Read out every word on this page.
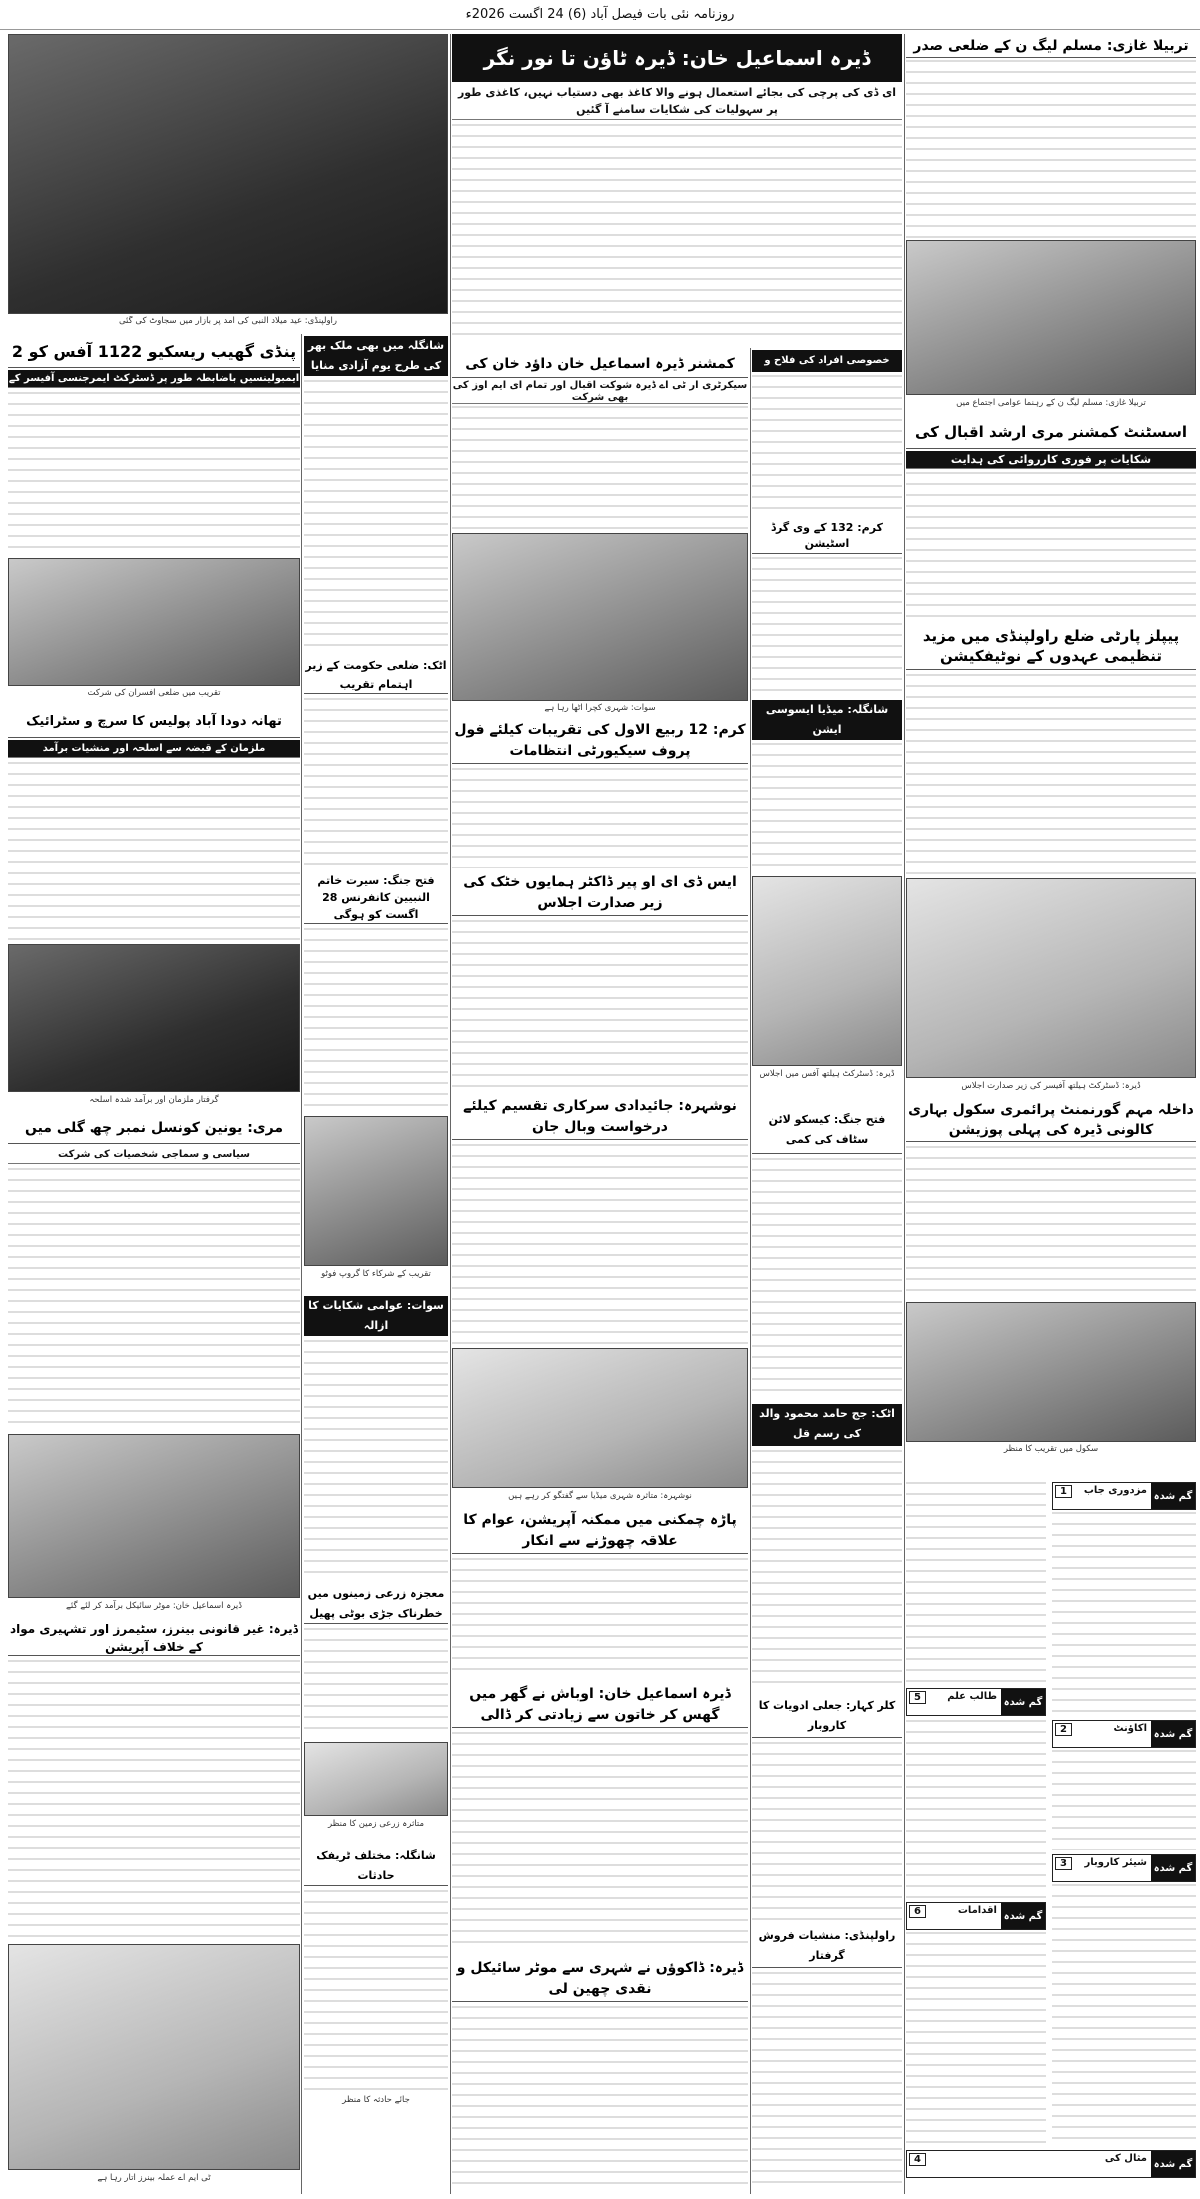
روزنامہ نئی بات فیصل آباد (6) 24 اگست 2026ء
تربیلا غازی: مسلم لیگ ن کے ضلعی صدر
تربیلا غازی: مسلم لیگ ن کے رہنما عوامی اجتماع میں
اسسٹنٹ کمشنر مری ارشد اقبال کی
شکایات پر فوری کارروائی کی ہدایت
پیپلز پارٹی ضلع راولپنڈی میں مزید تنظیمی عہدوں کے نوٹیفکیشن
ڈیرہ: ڈسٹرکٹ ہیلتھ آفیسر کی زیر صدارت اجلاس
داخلہ مہم گورنمنٹ پرائمری سکول بہاری کالونی ڈیرہ کی پہلی پوزیشن
سکول میں تقریب کا منظر
گم شدہ
مزدوری جاب
1
گم شدہ
طالب علم
5
گم شدہ
اکاؤنٹ
2
گم شدہ
شیئر کاروبار
3
گم شدہ
اقدامات
6
گم شدہ
مثال کی
4
ڈیرہ اسماعیل خان: ڈیرہ ٹاؤن تا نور نگر
ای ڈی کی پرچی کی بجائے استعمال ہونے والا کاغذ بھی دستیاب نہیں، کاغذی طور پر سہولیات کی شکایات سامنے آ گئیں
خصوصی افراد کی فلاح و
کرم: 132 کے وی گرڈ اسٹیشن
شانگلہ: میڈیا ایسوسی ایشن
ڈیرہ: ڈسٹرکٹ ہیلتھ آفس میں اجلاس
فتح جنگ: کیسکو لائن سٹاف کی کمی
اٹک: جج حامد محمود والد کی رسم قل
کلر کہار: جعلی ادویات کا کاروبار
راولپنڈی: منشیات فروش گرفتار
کمشنر ڈیرہ اسماعیل خان داؤد خان کی
سیکرٹری آر ٹی اے ڈیرہ شوکت اقبال اور تمام ای ایم اوز کی بھی شرکت
سوات: شہری کچرا اٹھا رہا ہے
کرم: 12 ربیع الاول کی تقریبات کیلئے فول پروف سیکیورٹی انتظامات
ایس ڈی ای او پیر ڈاکٹر ہمایوں خٹک کی زیر صدارت اجلاس
نوشہرہ: جائیدادی سرکاری تقسیم کیلئے درخواست وبال جان
نوشہرہ: متاثرہ شہری میڈیا سے گفتگو کر رہے ہیں
پاڑہ چمکنی میں ممکنہ آپریشن، عوام کا علاقہ چھوڑنے سے انکار
ڈیرہ اسماعیل خان: اوباش نے گھر میں گھس کر خاتون سے زیادتی کر ڈالی
ڈیرہ: ڈاکوؤں نے شہری سے موٹر سائیکل و نقدی چھین لی
شانگلہ میں بھی ملک بھر کی طرح یوم آزادی منایا
اٹک: ضلعی حکومت کے زیر اہتمام تقریب
فتح جنگ: سیرت خاتم النبیین کانفرنس 28 اگست کو ہوگی
تقریب کے شرکاء کا گروپ فوٹو
سوات: عوامی شکایات کا ازالہ
معجزہ زرعی زمینوں میں خطرناک جڑی بوٹی پھیل
متاثرہ زرعی زمین کا منظر
شانگلہ: مختلف ٹریفک حادثات
جائے حادثہ کا منظر
راولپنڈی: عید میلاد النبی کی آمد پر بازار میں سجاوٹ کی گئی
پنڈی گھیب ریسکیو 1122 آفس کو 2
ایمبولینسیں باضابطہ طور پر ڈسٹرکٹ ایمرجنسی آفیسر کے
تقریب میں ضلعی افسران کی شرکت
تھانہ دودا آباد پولیس کا سرچ و سٹرائیک
ملزمان کے قبضہ سے اسلحہ اور منشیات برآمد
گرفتار ملزمان اور برآمد شدہ اسلحہ
مری: یونین کونسل نمبر چھ گلی میں
سیاسی و سماجی شخصیات کی شرکت
ڈیرہ اسماعیل خان: موٹر سائیکل برآمد کر لئے گئے
ڈیرہ: غیر قانونی بینرز، سٹیمرز اور تشہیری مواد کے خلاف آپریشن
ٹی ایم اے عملہ بینرز اتار رہا ہے
